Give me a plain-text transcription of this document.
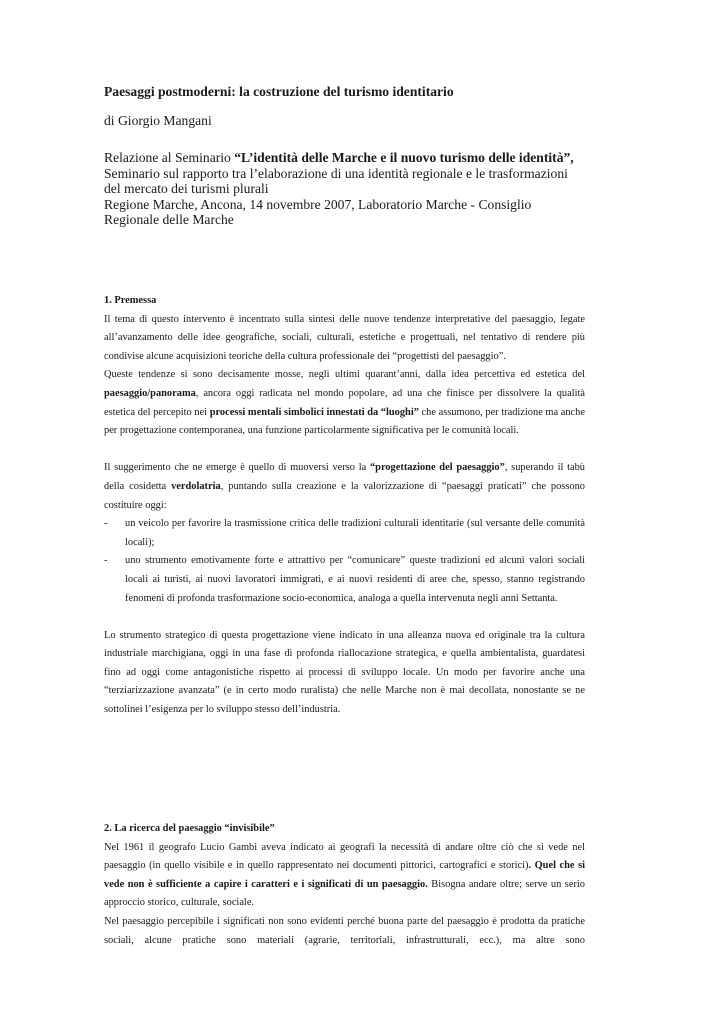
Paesaggi postmoderni: la costruzione del turismo identitario
di Giorgio Mangani
Relazione al Seminario “L’identità delle Marche e il nuovo turismo delle identità”,
Seminario sul rapporto tra l’elaborazione di una identità regionale e le trasformazioni del mercato dei turismi plurali
Regione Marche, Ancona, 14 novembre 2007, Laboratorio Marche - Consiglio Regionale delle Marche

1. Premessa

Il tema di questo intervento è incentrato sulla sintesi delle nuove tendenze interpretative del paesaggio, legate all’avanzamento delle idee geografiche, sociali, culturali, estetiche e progettuali, nel tentativo di rendere più condivise alcune acquisizioni teoriche della cultura professionale dei “progettisti del paesaggio”.

Queste tendenze si sono decisamente mosse, negli ultimi quarant’anni, dalla idea percettiva ed estetica del paesaggio/panorama, ancora oggi radicata nel mondo popolare, ad una che finisce per dissolvere la qualità estetica del percepito nei processi mentali simbolici innestati da “luoghi” che assumono, per tradizione ma anche per progettazione contemporanea, una funzione particolarmente significativa per le comunità locali.

Il suggerimento che ne emerge è quello di muoversi verso la “progettazione del paesaggio”, superando il tabù della cosidetta verdolatria, puntando sulla creazione e la valorizzazione di “paesaggi praticati” che possono costituire oggi:

- un veicolo per favorire la trasmissione critica delle tradizioni culturali identitarie (sul versante delle comunità locali);
- uno strumento emotivamente forte e attrattivo per “comunicare” queste tradizioni ed alcuni valori sociali locali ai turisti, ai nuovi lavoratori immigrati, e ai nuovi residenti di aree che, spesso, stanno registrando fenomeni di profonda trasformazione socio-economica, analoga a quella intervenuta negli anni Settanta.

Lo strumento strategico di questa progettazione viene indicato in una alleanza nuova ed originale tra la cultura industriale marchigiana, oggi in una fase di profonda riallocazione strategica, e quella ambientalista, guardatesi fino ad oggi come antagonistiche rispetto ai processi di sviluppo locale. Un modo per favorire anche una “terziarizzazione avanzata” (e in certo modo ruralista) che nelle Marche non è mai decollata, nonostante se ne sottolinei l’esigenza per lo sviluppo stesso dell’industria.

2. La ricerca del paesaggio “invisibile”

Nel 1961 il geografo Lucio Gambi aveva indicato ai geografi la necessità di andare oltre ciò che si vede nel paesaggio (in quello visibile e in quello rappresentato nei documenti pittorici, cartografici e storici). Quel che si vede non è sufficiente a capire i caratteri e i significati di un paesaggio. Bisogna andare oltre; serve un serio approccio storico, culturale, sociale.

Nel paesaggio percepibile i significati non sono evidenti perché buona parte del paesaggio è prodotta da pratiche sociali, alcune pratiche sono materiali (agrarie, territoriali, infrastrutturali, ecc.), ma altre sono
